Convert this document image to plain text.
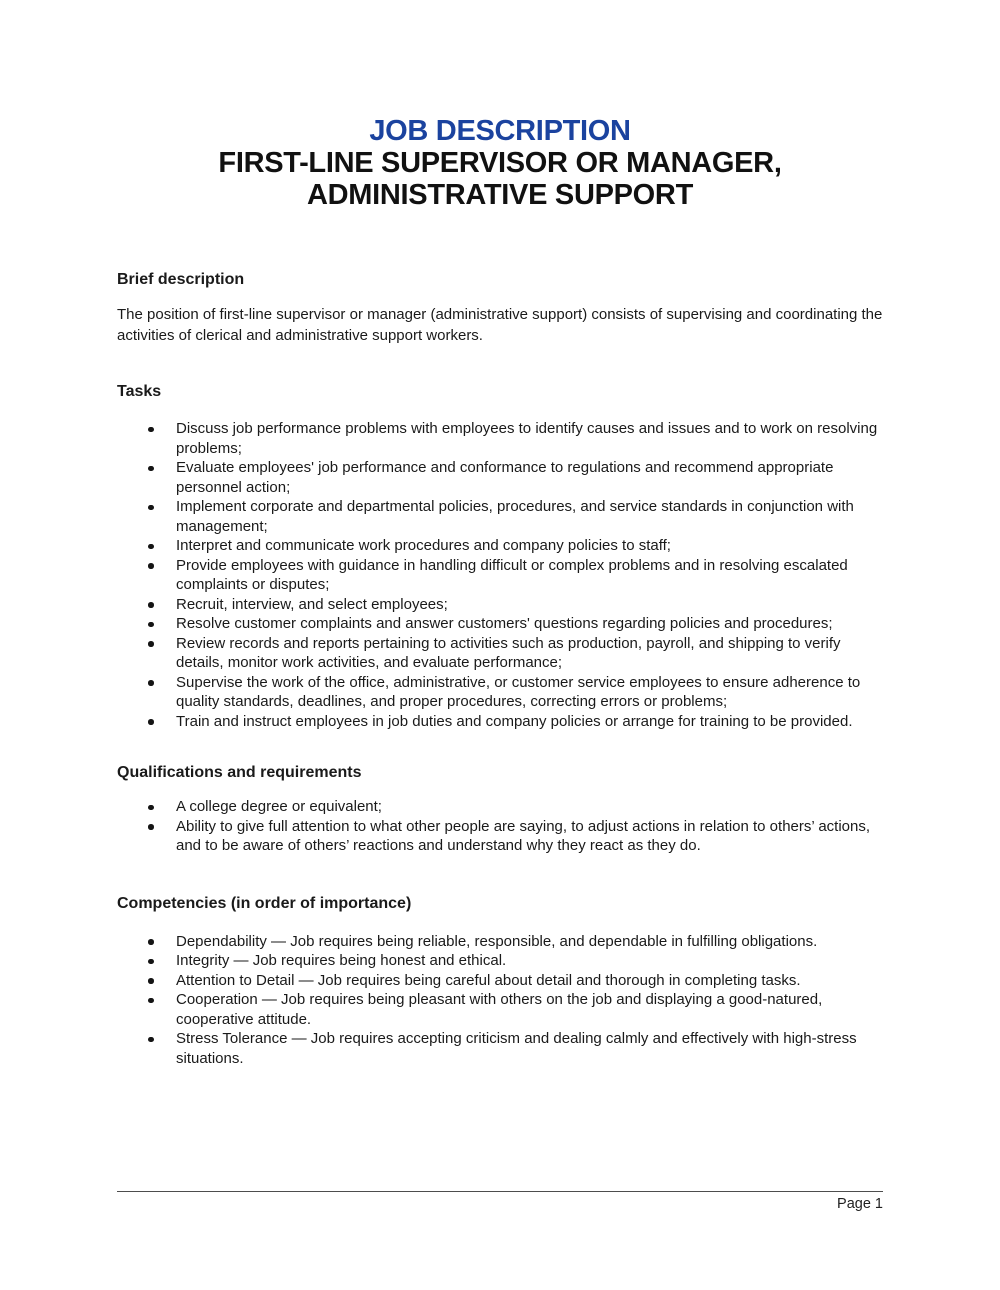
JOB DESCRIPTION
FIRST-LINE SUPERVISOR OR MANAGER,
ADMINISTRATIVE SUPPORT
Brief description

The position of first-line supervisor or manager (administrative support) consists of supervising and coordinating the activities of clerical and administrative support workers.

Tasks
Discuss job performance problems with employees to identify causes and issues and to work on resolving problems;
Evaluate employees' job performance and conformance to regulations and recommend appropriate personnel action;
Implement corporate and departmental policies, procedures, and service standards in conjunction with management;
Interpret and communicate work procedures and company policies to staff;
Provide employees with guidance in handling difficult or complex problems and in resolving escalated complaints or disputes;
Recruit, interview, and select employees;
Resolve customer complaints and answer customers' questions regarding policies and procedures;
Review records and reports pertaining to activities such as production, payroll, and shipping to verify details, monitor work activities, and evaluate performance;
Supervise the work of the office, administrative, or customer service employees to ensure adherence to quality standards, deadlines, and proper procedures, correcting errors or problems;
Train and instruct employees in job duties and company policies or arrange for training to be provided.
Qualifications and requirements
A college degree or equivalent;
Ability to give full attention to what other people are saying, to adjust actions in relation to others’ actions, and to be aware of others’ reactions and understand why they react as they do.
Competencies (in order of importance)
Dependability — Job requires being reliable, responsible, and dependable in fulfilling obligations.
Integrity — Job requires being honest and ethical.
Attention to Detail — Job requires being careful about detail and thorough in completing tasks.
Cooperation — Job requires being pleasant with others on the job and displaying a good-natured, cooperative attitude.
Stress Tolerance — Job requires accepting criticism and dealing calmly and effectively with high-stress situations.
Page 1
